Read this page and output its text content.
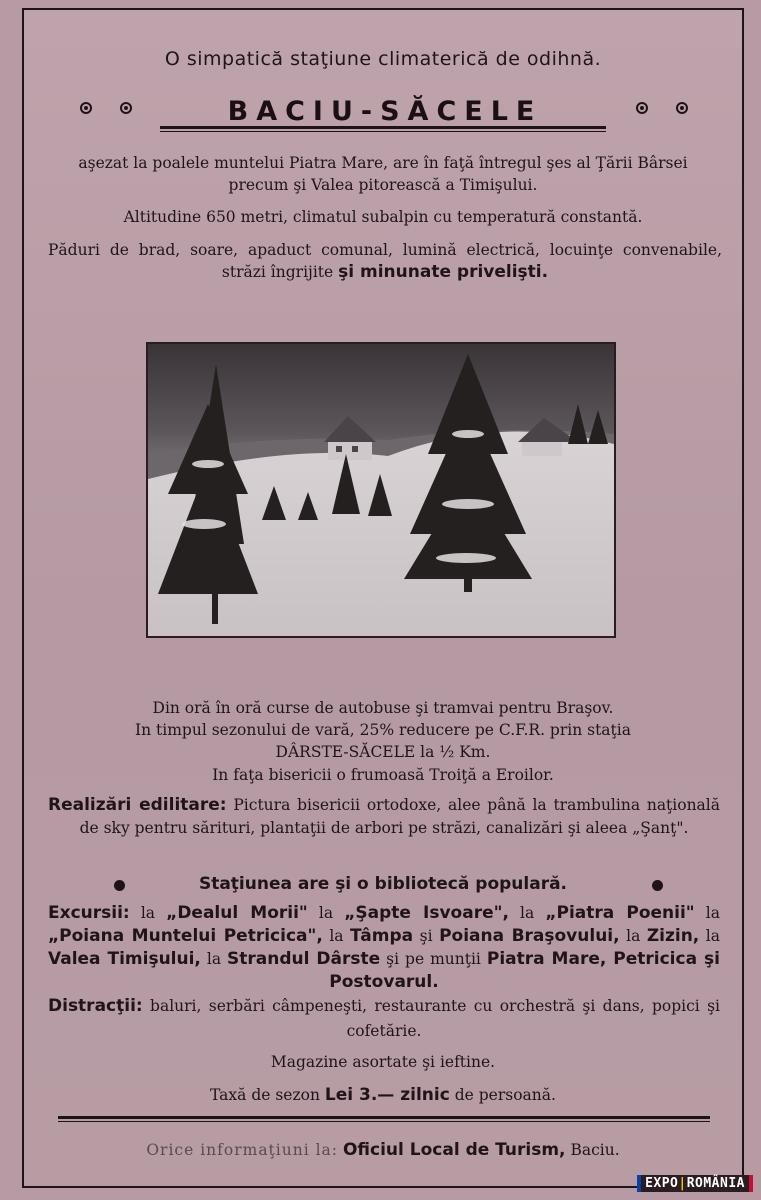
O simpatică staţiune climaterică de odihnă.
BACIU-SĂCELE

aşezat la poalele muntelui Piatra Mare, are în faţă întregul şes al Ţării Bârsei

precum şi Valea pitorească a Timişului.

Altitudine 650 metri, climatul subalpin cu temperatură constantă.

Păduri de brad, soare, apaduct comunal, lumină electrică, locuinţe convenabile, străzi îngrijite şi minunate privelişti.

Din oră în oră curse de autobuse şi tramvai pentru Braşov.

In timpul sezonului de vară, 25% reducere pe C.F.R. prin staţia

DÂRSTE-SĂCELE la ½ Km.

In faţa bisericii o frumoasă Troiţă a Eroilor.

Realizări edilitare: Pictura bisericii ortodoxe, alee până la trambulina naţională de sky pentru sărituri, plantaţii de arbori pe străzi, canalizări şi aleea „Şanţ".

Staţiunea are şi o bibliotecă populară.

Excursii: la „Dealul Morii" la „Şapte Isvoare", la „Piatra Poenii" la „Poiana Muntelui Petricica", la Tâmpa şi Poiana Braşovului, la Zizin, la Valea Timişului, la Strandul Dârste şi pe munţii Piatra Mare, Petricica şi Postovarul.

Distracţii: baluri, serbări câmpeneşti, restaurante cu orchestră şi dans, popici şi cofetărie.

Magazine asortate şi ieftine.

Taxă de sezon Lei 3.— zilnic de persoană.

Orice informaţiuni la: Oficiul Local de Turism, Baciu.
EXPO|ROMÂNIA
